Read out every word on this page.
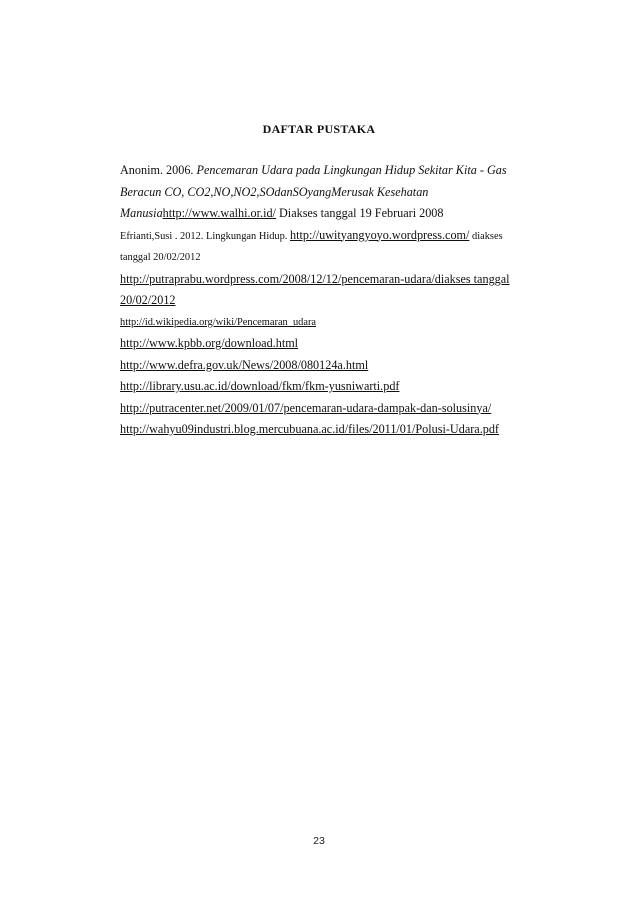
DAFTAR PUSTAKA

Anonim. 2006. Pencemaran Udara pada Lingkungan Hidup Sekitar Kita - Gas
Beracun CO, CO2,NO,NO2,SOdanSOyangMerusak Kesehatan
Manusiahttp://www.walhi.or.id/ Diakses tanggal 19 Februari 2008

Efrianti,Susi . 2012. Lingkungan Hidup. http://uwityangyoyo.wordpress.com/ diakses
tanggal 20/02/2012

http://putraprabu.wordpress.com/2008/12/12/pencemaran-udara/diakses tanggal
20/02/2012

http://id.wikipedia.org/wiki/Pencemaran_udara

http://www.kpbb.org/download.html

http://www.defra.gov.uk/News/2008/080124a.html

http://library.usu.ac.id/download/fkm/fkm-yusniwarti.pdf

http://putracenter.net/2009/01/07/pencemaran-udara-dampak-dan-solusinya/

http://wahyu09industri.blog.mercubuana.ac.id/files/2011/01/Polusi-Udara.pdf

23
